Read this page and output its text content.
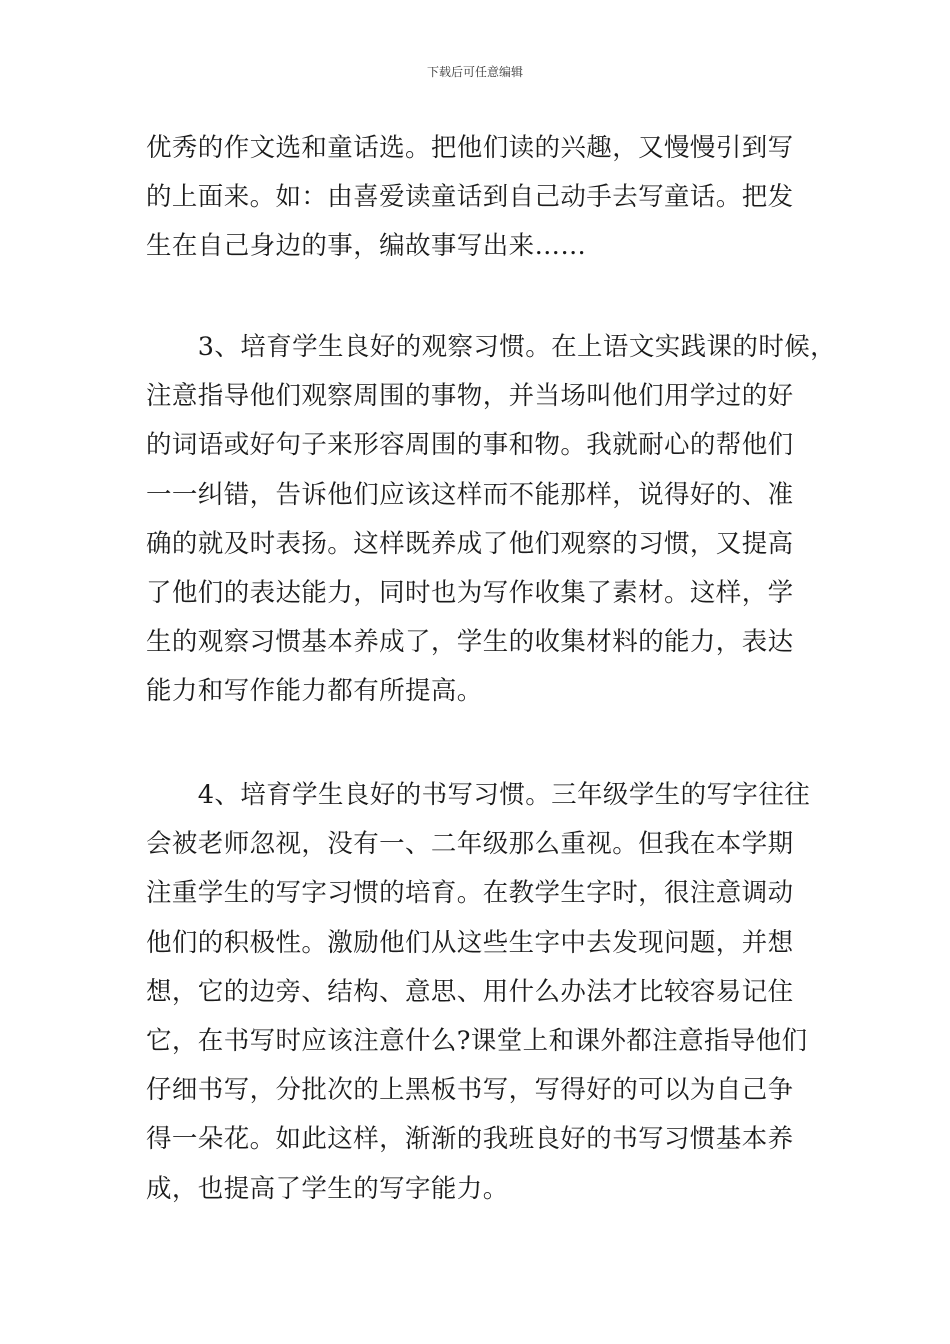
下载后可任意编辑
优秀的作文选和童话选。把他们读的兴趣，又慢慢引到写
的上面来。如：由喜爱读童话到自己动手去写童话。把发
生在自己身边的事，编故事写出来……
　　3、培育学生良好的观察习惯。在上语文实践课的时候，
注意指导他们观察周围的事物，并当场叫他们用学过的好
的词语或好句子来形容周围的事和物。我就耐心的帮他们
一一纠错，告诉他们应该这样而不能那样，说得好的、准
确的就及时表扬。这样既养成了他们观察的习惯，又提高
了他们的表达能力，同时也为写作收集了素材。这样，学
生的观察习惯基本养成了，学生的收集材料的能力，表达
能力和写作能力都有所提高。
　　4、培育学生良好的书写习惯。三年级学生的写字往往
会被老师忽视，没有一、二年级那么重视。但我在本学期
注重学生的写字习惯的培育。在教学生字时，很注意调动
他们的积极性。激励他们从这些生字中去发现问题，并想
想，它的边旁、结构、意思、用什么办法才比较容易记住
它，在书写时应该注意什么?课堂上和课外都注意指导他们
仔细书写，分批次的上黑板书写，写得好的可以为自己争
得一朵花。如此这样，渐渐的我班良好的书写习惯基本养
成，也提高了学生的写字能力。
